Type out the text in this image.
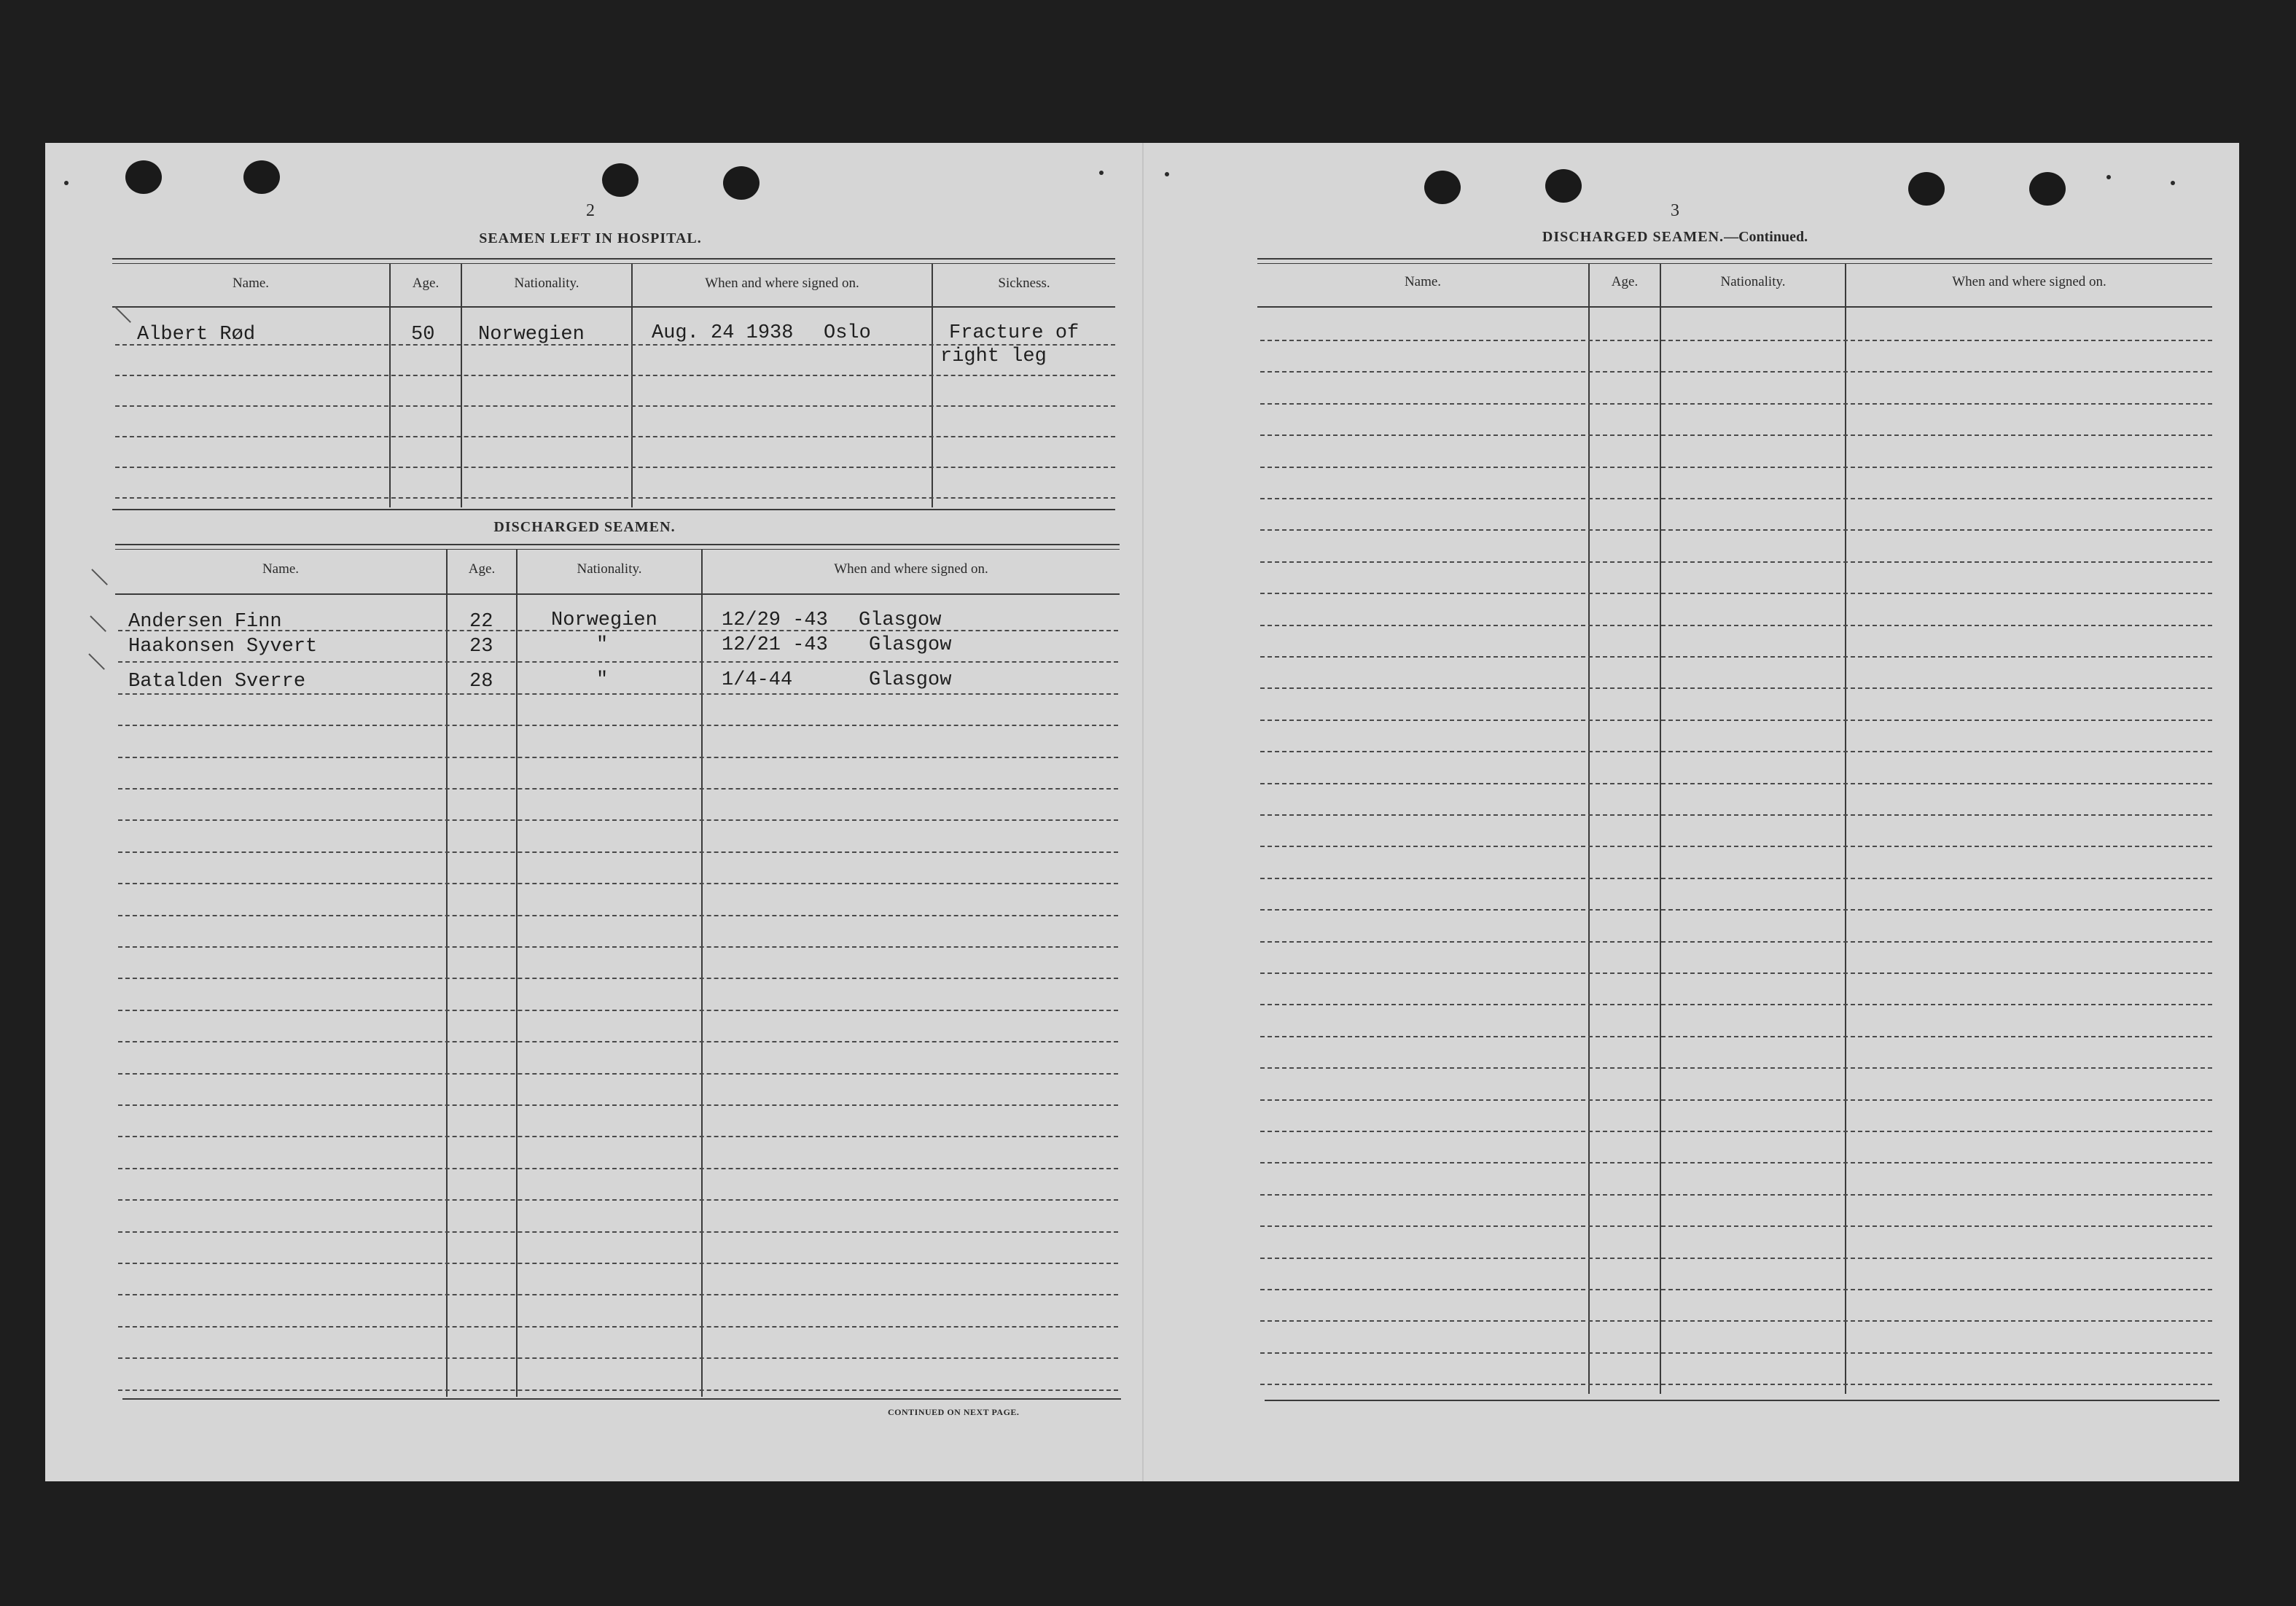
2
SEAMEN LEFT IN HOSPITAL.
Name.	Age.	Nationality.	When and where signed on.	Sickness.
Albert Rød	50 Norwegien	Aug. 24 1938 Oslo	Fracture of
right leg
DISCHARGED SEAMEN.
Name.	Age.	Nationality.	When and where signed on.
Andersen Finn	22	Norwegien	12/29 -43 Glasgow
Haakonsen Syvert	23	"	12/21 -43 Glasgow
Batalden Sverre	28	"	1/4-44	Glasgow
CONTINUED ON NEXT PAGE.
3
DISCHARGED SEAMEN.—Continued.
Name.	Age.	Nationality.	When and where signed on.
